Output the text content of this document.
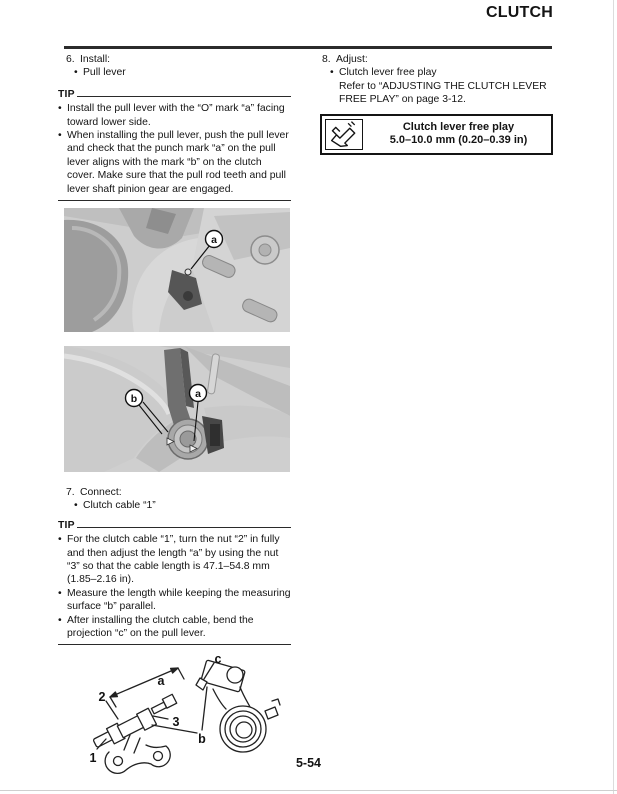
CLUTCH
6. Install:
• Pull lever
TIP
• Install the pull lever with the “O” mark “a” facing toward lower side.
• When installing the pull lever, push the pull lever and check that the punch mark “a” on the pull lever aligns with the mark “b” on the clutch cover. Make sure that the pull rod teeth and pull lever shaft pinion gear are engaged.
a
b	a
7. Connect:
• Clutch cable “1”
TIP
• For the clutch cable “1”, turn the nut “2” in fully and then adjust the length “a” by using the nut “3” so that the cable length is 47.1–54.8 mm (1.85–2.16 in).
• Measure the length while keeping the measuring surface “b” parallel.
• After installing the clutch cable, bend the projection “c” on the pull lever.
c
a
2
3
b
1
8. Adjust:
• Clutch lever free play
Refer to “ADJUSTING THE CLUTCH LEVER FREE PLAY” on page 3-12.
Clutch lever free play
5.0–10.0 mm (0.20–0.39 in)
5-54
